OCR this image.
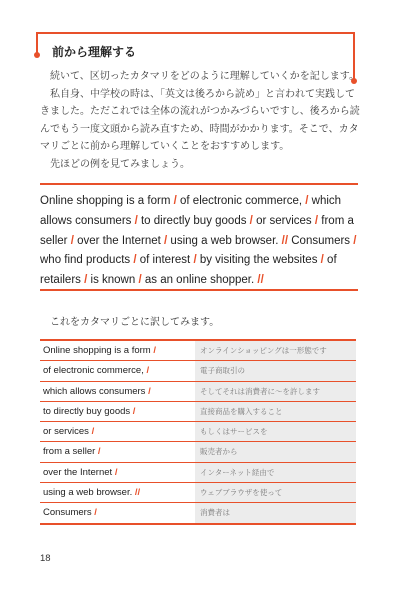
前から理解する

続いて、区切ったカタマリをどのように理解していくかを記します。

私自身、中学校の時は、「英文は後ろから読め」と言われて実践してきました。ただこれでは全体の流れがつかみづらいですし、後ろから読んでもう一度文頭から読み直すため、時間がかかります。そこで、カタマリごとに前から理解していくことをおすすめします。

先ほどの例を見てみましょう。

Online shopping is a form / of electronic commerce, / which
allows consumers / to directly buy goods / or services / from a
seller / over the Internet / using a web browser. // Consumers /
who find products / of interest / by visiting the websites / of
retailers / is known / as an online shopper. //
これをカタマリごとに訳してみます。
Online shopping is a form /	オンラインショッピングは一形態です
of electronic commerce, /	電子商取引の
which allows consumers /	そしてそれは消費者に〜を許します
to directly buy goods /	直接商品を購入すること
or services /	もしくはサービスを
from a seller /	販売者から
over the Internet /	インターネット経由で
using a web browser. //	ウェブブラウザを使って
Consumers /	消費者は
18
